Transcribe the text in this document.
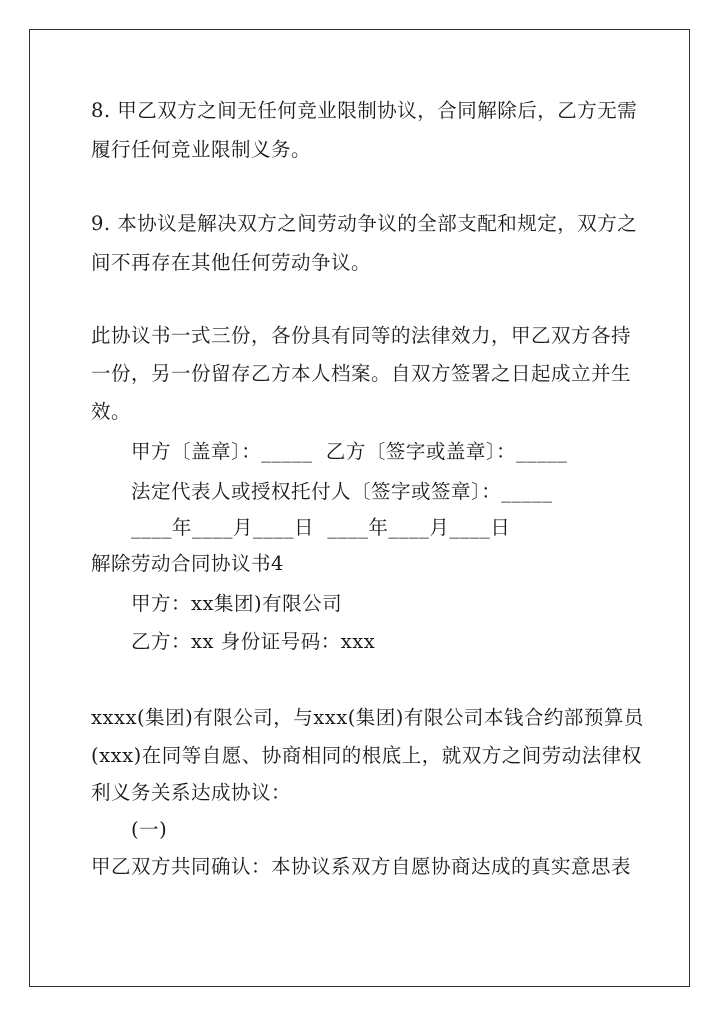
8. 甲乙双方之间无任何竞业限制协议，合同解除后，乙方无需
履行任何竞业限制义务。
9. 本协议是解决双方之间劳动争议的全部支配和规定，双方之
间不再存在其他任何劳动争议。
此协议书一式三份，各份具有同等的法律效力，甲乙双方各持
一份，另一份留存乙方本人档案。自双方签署之日起成立并生
效。
甲方〔盖章〕：_____  乙方〔签字或盖章〕：_____
法定代表人或授权托付人〔签字或签章〕：_____
____年____月____日  ____年____月____日
解除劳动合同协议书4
甲方：xx集团)有限公司
乙方：xx 身份证号码：xxx
xxxx(集团)有限公司，与xxx(集团)有限公司本钱合约部预算员
(xxx)在同等自愿、协商相同的根底上，就双方之间劳动法律权
利义务关系达成协议：
(一)
甲乙双方共同确认：本协议系双方自愿协商达成的真实意思表
